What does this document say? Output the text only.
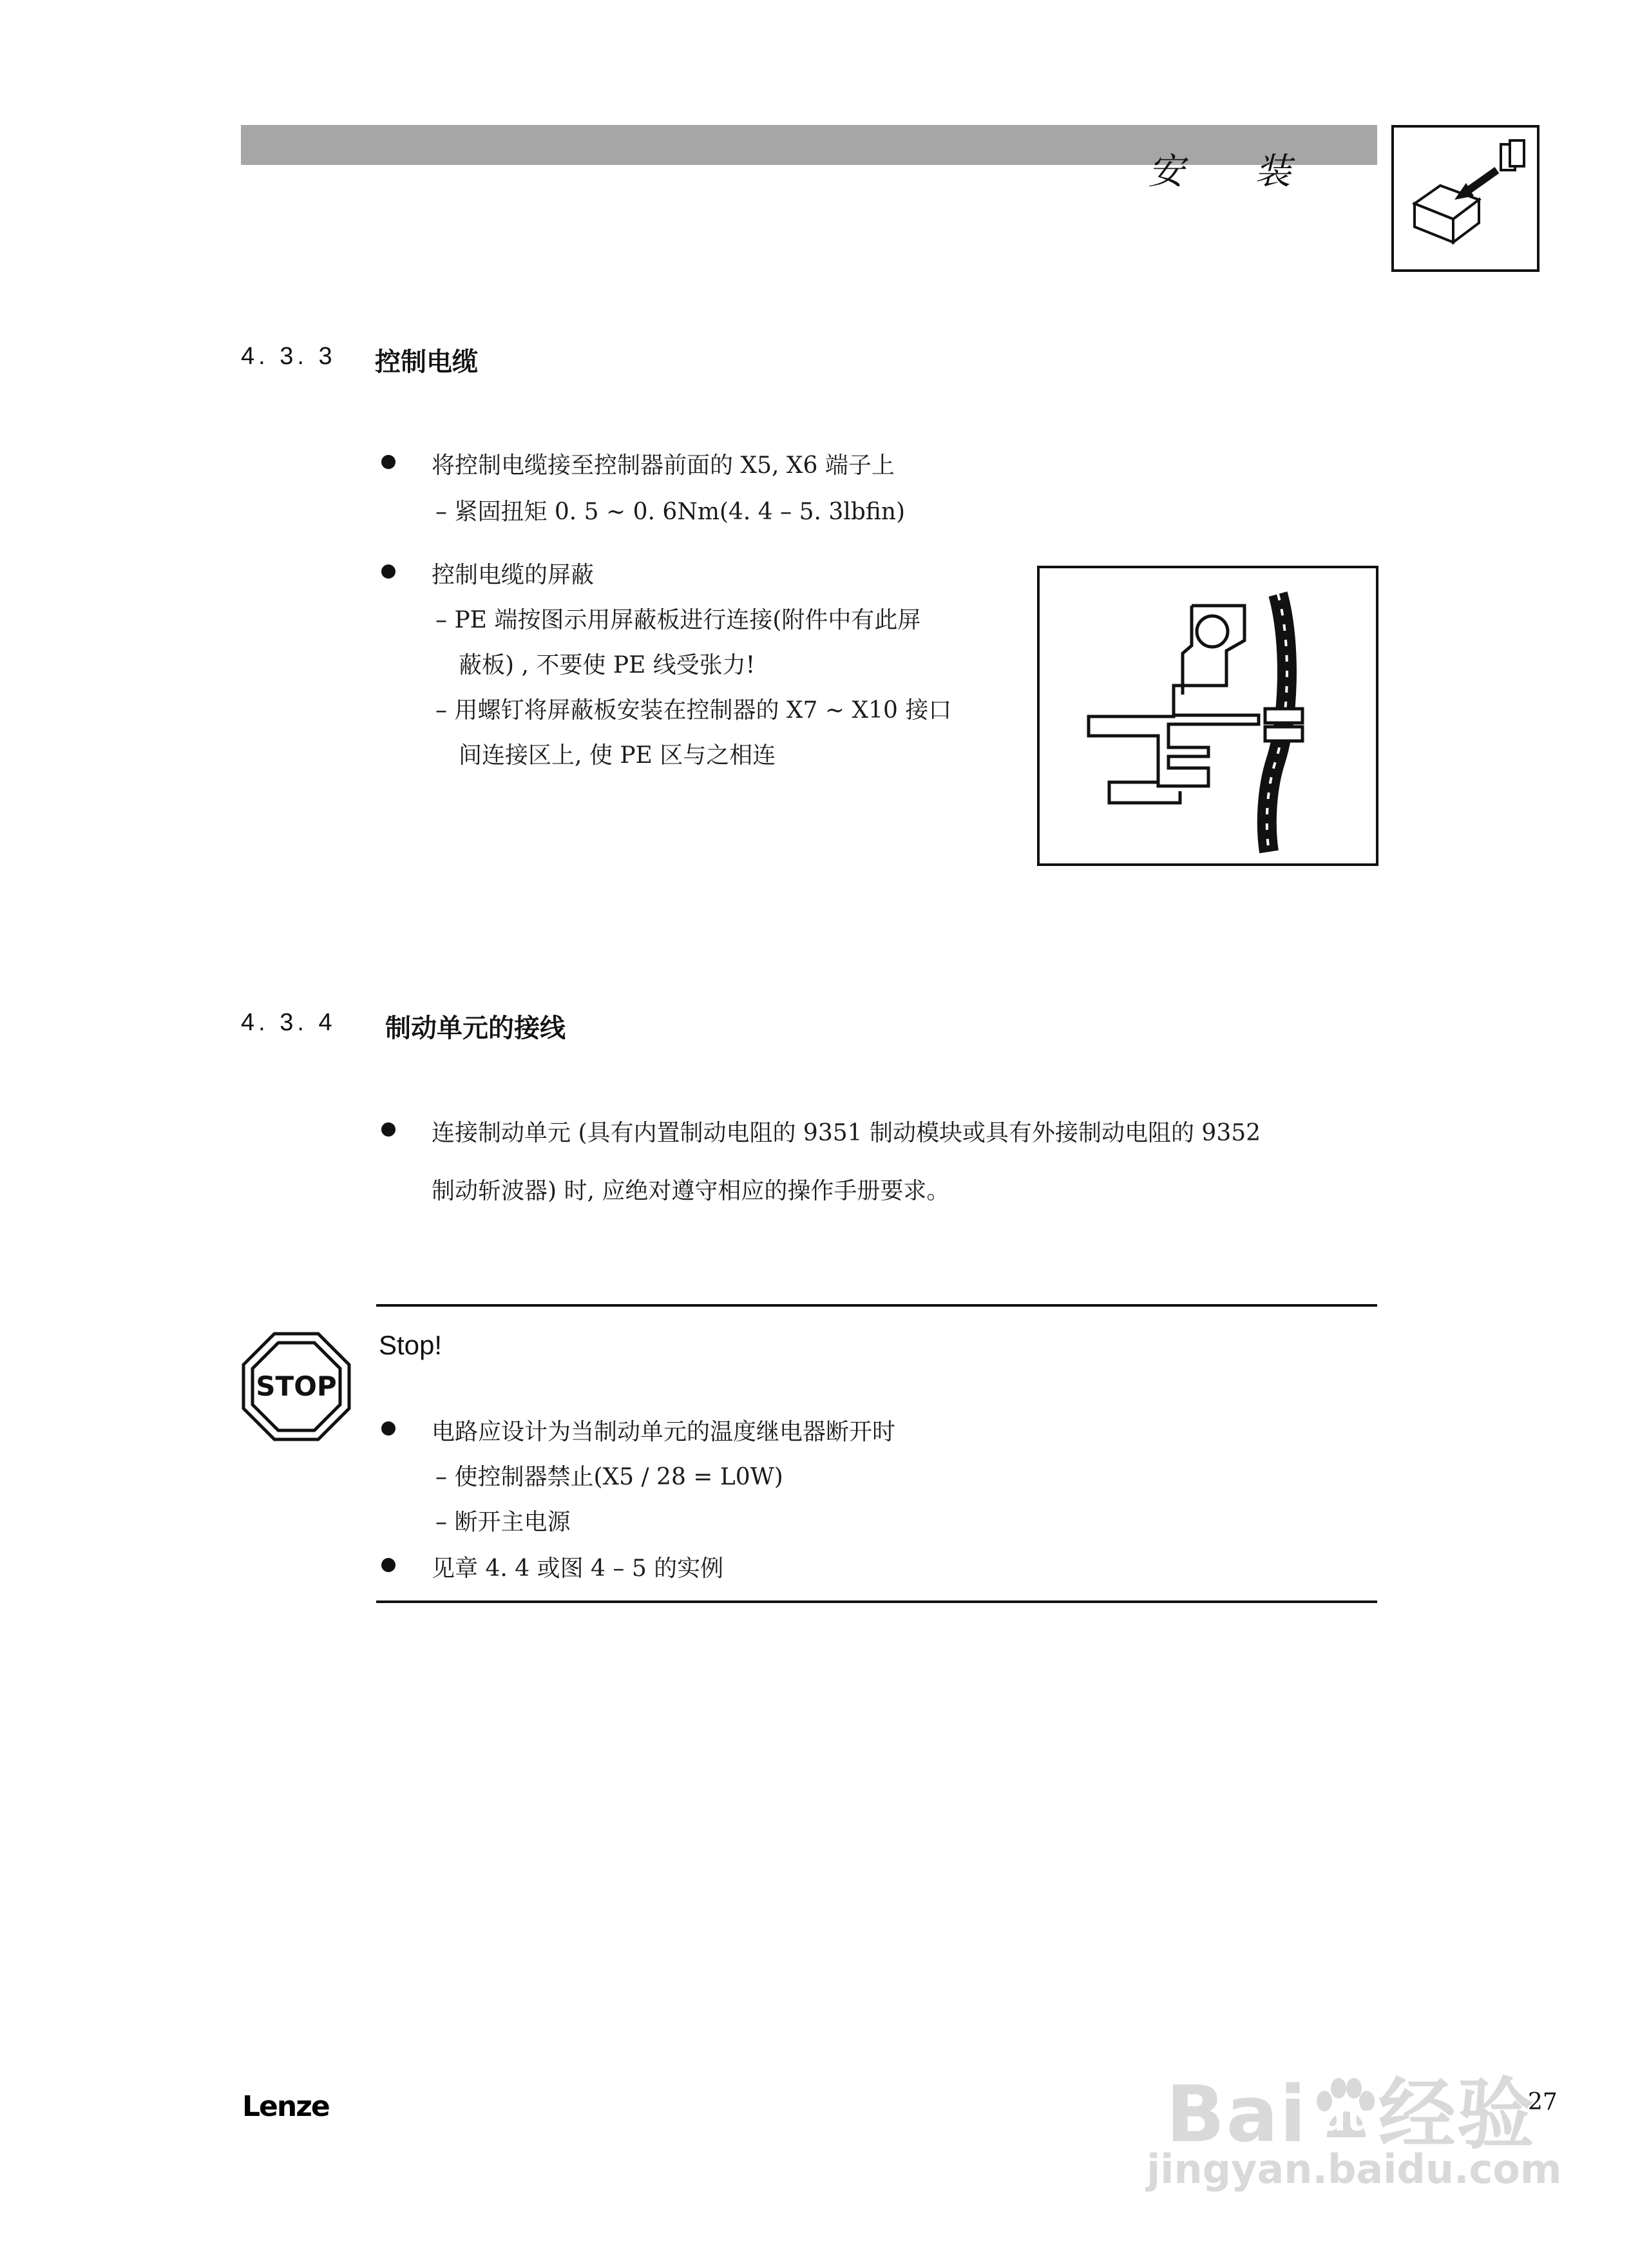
安 装
4. 3. 3 控制电缆
将控制电缆接至控制器前面的 X5, X6 端子上
– 紧固扭矩 0. 5 ~ 0. 6Nm(4. 4 – 5. 3lbfin)
控制电缆的屏蔽
– PE 端按图示用屏蔽板进行连接(附件中有此屏
蔽板) , 不要使 PE 线受张力!
– 用螺钉将屏蔽板安装在控制器的 X7 ~ X10 接口
间连接区上, 使 PE 区与之相连
4. 3. 4 制动单元的接线
连接制动单元 (具有内置制动电阻的 9351 制动模块或具有外接制动电阻的 9352
制动斩波器) 时, 应绝对遵守相应的操作手册要求。
STOP
Stop!
电路应设计为当制动单元的温度继电器断开时
– 使控制器禁止(X5 / 28 = L0W)
– 断开主电源
见章 4. 4 或图 4 – 5 的实例
Lenze	27
Bai du 经验
jingyan.baidu.com
